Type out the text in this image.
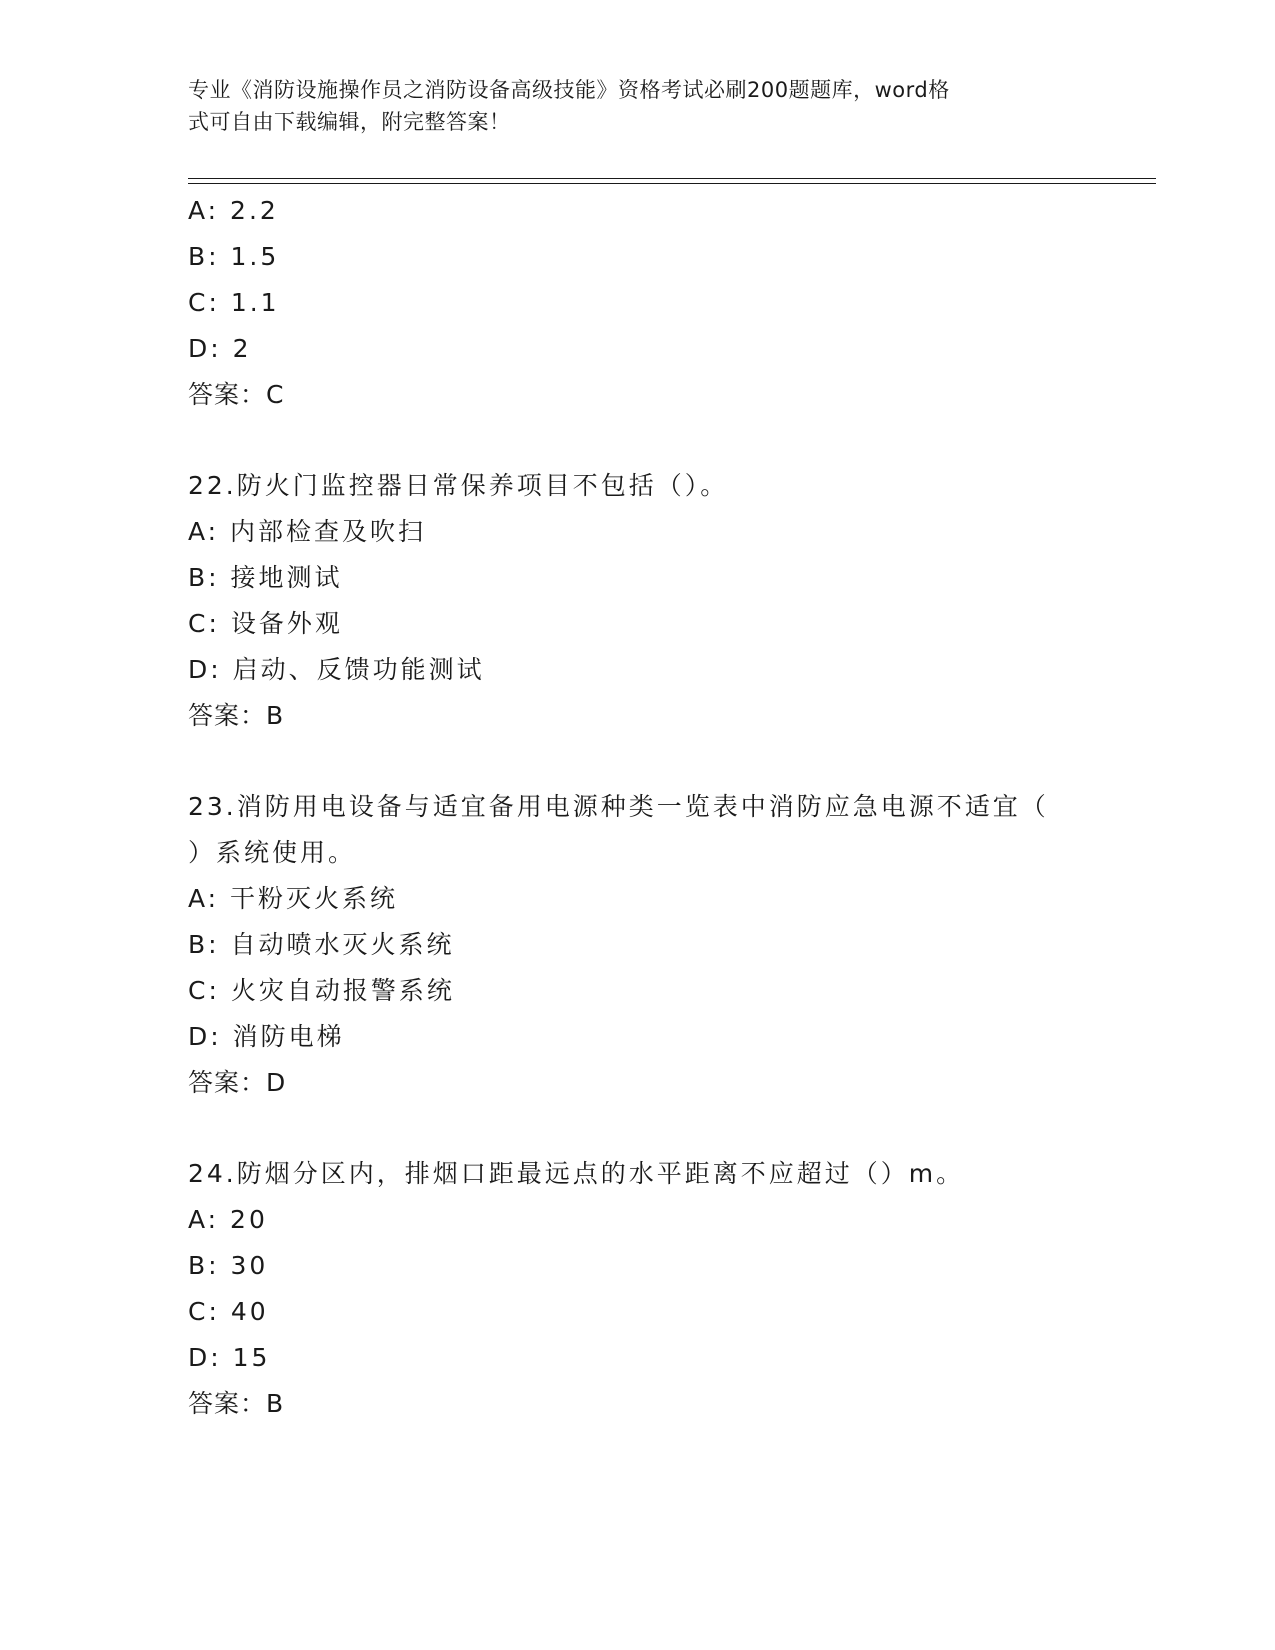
专业《消防设施操作员之消防设备高级技能》资格考试必刷200题题库，word格
式可自由下载编辑，附完整答案！
A: 2.2
B: 1.5
C: 1.1
D: 2
答案：C
22.防火门监控器日常保养项目不包括（）。
A: 内部检查及吹扫
B: 接地测试
C: 设备外观
D: 启动、反馈功能测试
答案：B
23.消防用电设备与适宜备用电源种类一览表中消防应急电源不适宜（
）系统使用。
A: 干粉灭火系统
B: 自动喷水灭火系统
C: 火灾自动报警系统
D: 消防电梯
答案：D
24.防烟分区内，排烟口距最远点的水平距离不应超过（）m。
A: 20
B: 30
C: 40
D: 15
答案：B
